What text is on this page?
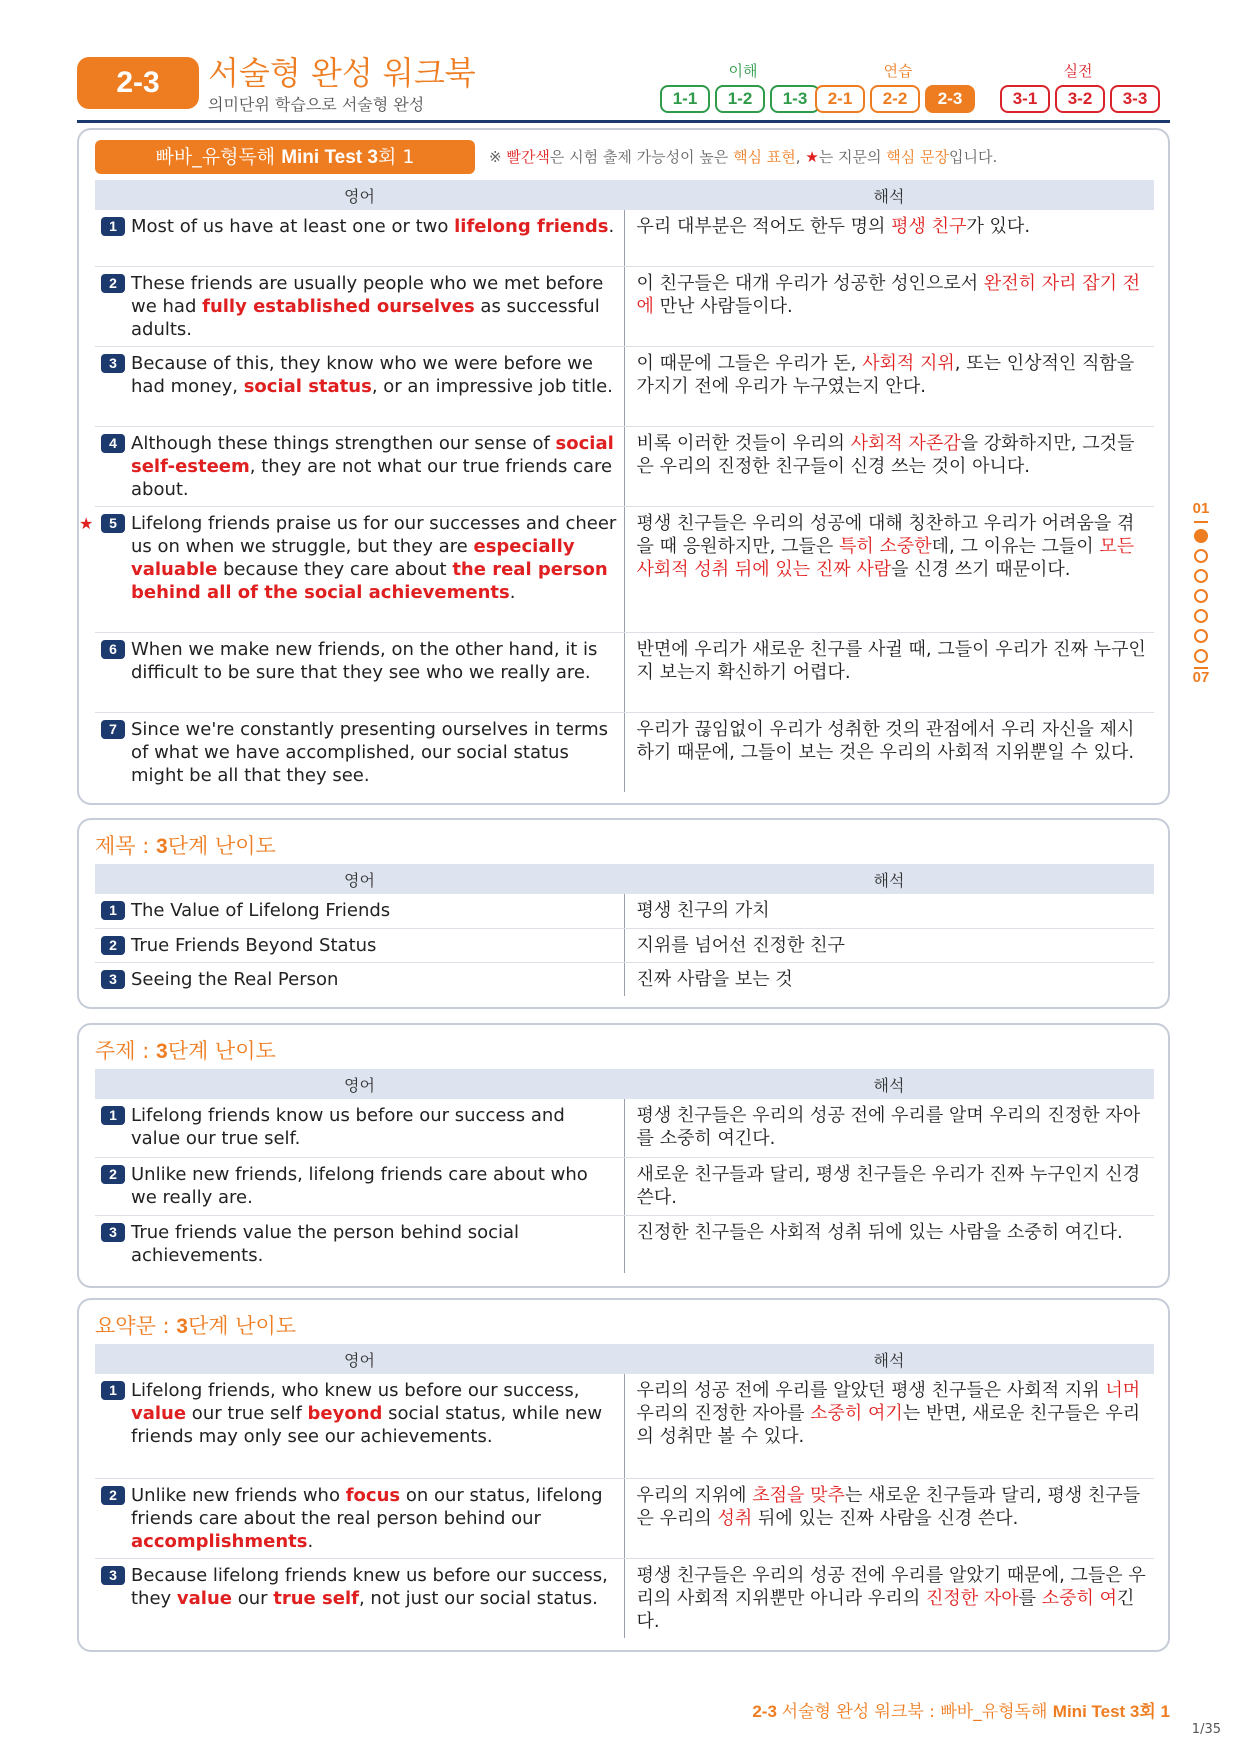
2-3	서술형 완성 워크북
의미단위 학습으로 서술형 완성
이해
1-1	1-2	1-3
연습
2-1	2-2	2-3
실전
3-1	3-2	3-3
빠바_유형독해 Mini Test 3회 1	※ 빨간색은 시험 출제 가능성이 높은 핵심 표현, ★는 지문의 핵심 문장입니다.
영어	해석

1 Most of us have at least one or two lifelong friends.	우리 대부분은 적어도 한두 명의 평생 친구가 있다.

2 These friends are usually people who we met before we had fully established ourselves as successful adults.	이 친구들은 대개 우리가 성공한 성인으로서 완전히 자리 잡기 전에 만난 사람들이다.

3 Because of this, they know who we were before we had money, social status, or an impressive job title.	이 때문에 그들은 우리가 돈, 사회적 지위, 또는 인상적인 직함을 가지기 전에 우리가 누구였는지 안다.

4 Although these things strengthen our sense of social self-esteem, they are not what our true friends care about.	비록 이러한 것들이 우리의 사회적 자존감을 강화하지만, 그것들은 우리의 진정한 친구들이 신경 쓰는 것이 아니다.

★ 5 Lifelong friends praise us for our successes and cheer us on when we struggle, but they are especially valuable because they care about the real person behind all of the social achievements.	평생 친구들은 우리의 성공에 대해 칭찬하고 우리가 어려움을 겪을 때 응원하지만, 그들은 특히 소중한데, 그 이유는 그들이 모든 사회적 성취 뒤에 있는 진짜 사람을 신경 쓰기 때문이다.

6 When we make new friends, on the other hand, it is difficult to be sure that they see who we really are.	반면에 우리가 새로운 친구를 사귈 때, 그들이 우리가 진짜 누구인지 보는지 확신하기 어렵다.

7 Since we're constantly presenting ourselves in terms of what we have accomplished, our social status might be all that they see.	우리가 끊임없이 우리가 성취한 것의 관점에서 우리 자신을 제시하기 때문에, 그들이 보는 것은 우리의 사회적 지위뿐일 수 있다.
제목 : 3단계 난이도
영어	해석

1 The Value of Lifelong Friends	평생 친구의 가치

2 True Friends Beyond Status	지위를 넘어선 진정한 친구

3 Seeing the Real Person	진짜 사람을 보는 것
주제 : 3단계 난이도
영어	해석

1 Lifelong friends know us before our success and value our true self.	평생 친구들은 우리의 성공 전에 우리를 알며 우리의 진정한 자아를 소중히 여긴다.

2 Unlike new friends, lifelong friends care about who we really are.	새로운 친구들과 달리, 평생 친구들은 우리가 진짜 누구인지 신경 쓴다.

3 True friends value the person behind social achievements.	진정한 친구들은 사회적 성취 뒤에 있는 사람을 소중히 여긴다.
요약문 : 3단계 난이도
영어	해석

1 Lifelong friends, who knew us before our success, value our true self beyond social status, while new friends may only see our achievements.	우리의 성공 전에 우리를 알았던 평생 친구들은 사회적 지위 너머 우리의 진정한 자아를 소중히 여기는 반면, 새로운 친구들은 우리의 성취만 볼 수 있다.

2 Unlike new friends who focus on our status, lifelong friends care about the real person behind our accomplishments.	우리의 지위에 초점을 맞추는 새로운 친구들과 달리, 평생 친구들은 우리의 성취 뒤에 있는 진짜 사람을 신경 쓴다.

3 Because lifelong friends knew us before our success, they value our true self, not just our social status.	평생 친구들은 우리의 성공 전에 우리를 알았기 때문에, 그들은 우리의 사회적 지위뿐만 아니라 우리의 진정한 자아를 소중히 여긴다.
01
07
2-3 서술형 완성 워크북 : 빠바_유형독해 Mini Test 3회 1
1/35
